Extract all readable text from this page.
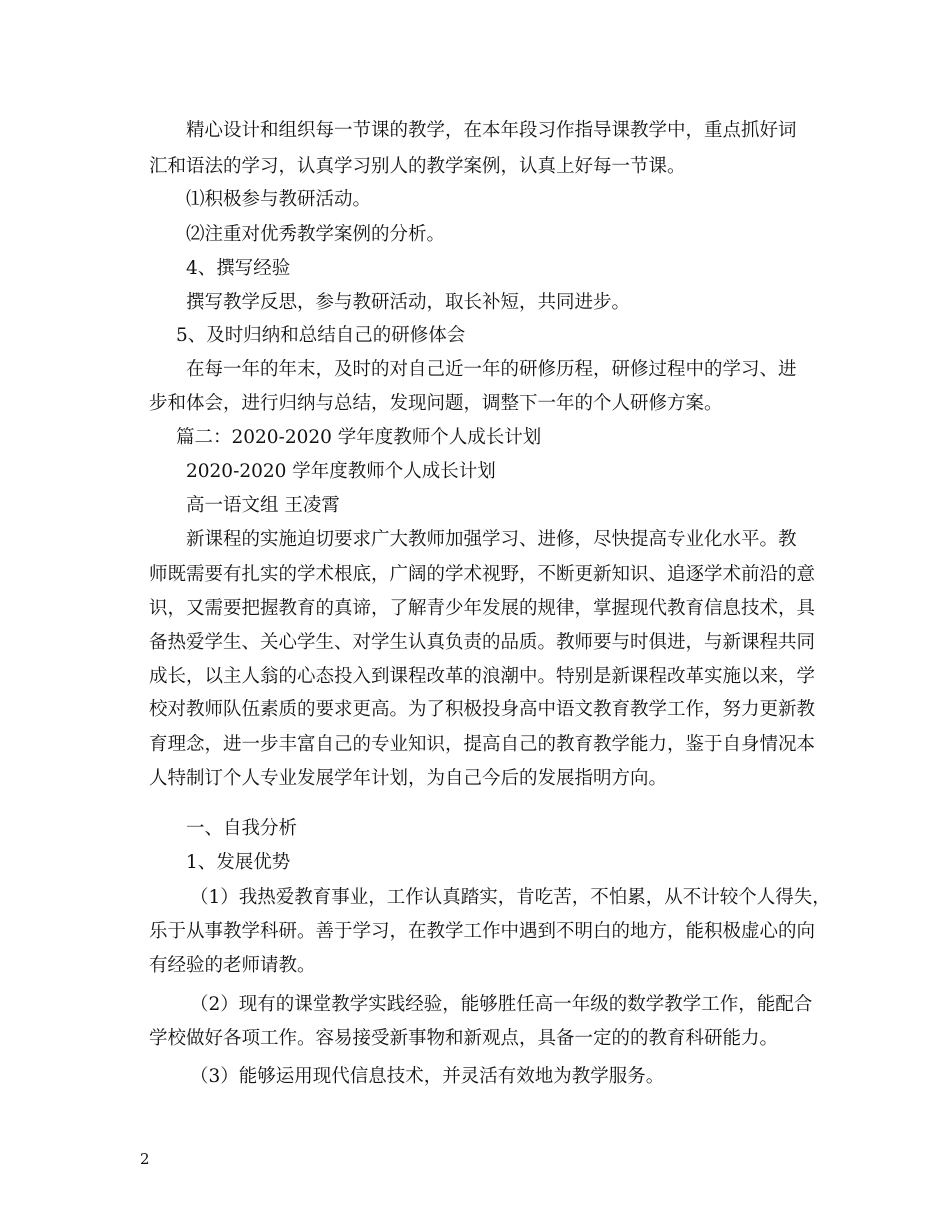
精心设计和组织每一节课的教学，在本年段习作指导课教学中，重点抓好词
汇和语法的学习，认真学习别人的教学案例，认真上好每一节课。
⑴积极参与教研活动。
⑵注重对优秀教学案例的分析。
4、撰写经验
撰写教学反思，参与教研活动，取长补短，共同进步。
5、及时归纳和总结自己的研修体会
在每一年的年末，及时的对自己近一年的研修历程，研修过程中的学习、进
步和体会，进行归纳与总结，发现问题，调整下一年的个人研修方案。
篇二：2020-2020 学年度教师个人成长计划
2020-2020 学年度教师个人成长计划
高一语文组 王凌霄
新课程的实施迫切要求广大教师加强学习、进修，尽快提高专业化水平。教
师既需要有扎实的学术根底，广阔的学术视野，不断更新知识、追逐学术前沿的意
识，又需要把握教育的真谛，了解青少年发展的规律，掌握现代教育信息技术，具
备热爱学生、关心学生、对学生认真负责的品质。教师要与时俱进，与新课程共同
成长，以主人翁的心态投入到课程改革的浪潮中。特别是新课程改革实施以来，学
校对教师队伍素质的要求更高。为了积极投身高中语文教育教学工作，努力更新教
育理念，进一步丰富自己的专业知识，提高自己的教育教学能力，鉴于自身情况本
人特制订个人专业发展学年计划，为自己今后的发展指明方向。
一、自我分析
1、发展优势
（1）我热爱教育事业，工作认真踏实，肯吃苦，不怕累，从不计较个人得失，
乐于从事教学科研。善于学习，在教学工作中遇到不明白的地方，能积极虚心的向
有经验的老师请教。
（2）现有的课堂教学实践经验，能够胜任高一年级的数学教学工作，能配合
学校做好各项工作。容易接受新事物和新观点，具备一定的的教育科研能力。
（3）能够运用现代信息技术，并灵活有效地为教学服务。
2
